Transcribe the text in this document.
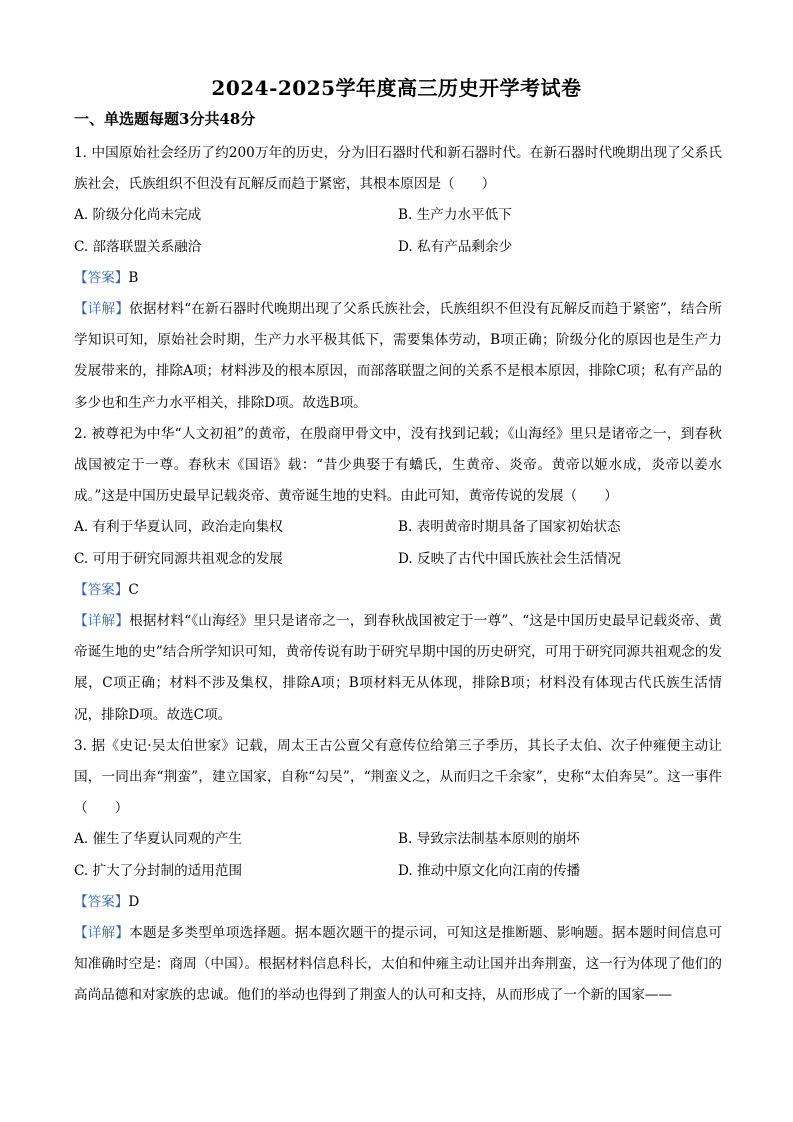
2024-2025学年度高三历史开学考试卷
一、单选题每题3分共48分

1. 中国原始社会经历了约200万年的历史，分为旧石器时代和新石器时代。在新石器时代晚期出现了父系氏族社会，氏族组织不但没有瓦解反而趋于紧密，其根本原因是（　　）

A. 阶级分化尚未完成	B. 生产力水平低下
C. 部落联盟关系融洽	D. 私有产品剩余少
【答案】B

【详解】依据材料“在新石器时代晚期出现了父系氏族社会，氏族组织不但没有瓦解反而趋于紧密”，结合所学知识可知，原始社会时期，生产力水平极其低下，需要集体劳动，B项正确；阶级分化的原因也是生产力发展带来的，排除A项；材料涉及的根本原因，而部落联盟之间的关系不是根本原因，排除C项；私有产品的多少也和生产力水平相关，排除D项。故选B项。

2. 被尊祀为中华“人文初祖”的黄帝，在殷商甲骨文中，没有找到记载；《山海经》里只是诸帝之一，到春秋战国被定于一尊。春秋末《国语》载：“昔少典娶于有蟜氏，生黄帝、炎帝。黄帝以姬水成，炎帝以姜水成。”这是中国历史最早记载炎帝、黄帝诞生地的史料。由此可知，黄帝传说的发展（　　）

A. 有利于华夏认同，政治走向集权	B. 表明黄帝时期具备了国家初始状态
C. 可用于研究同源共祖观念的发展	D. 反映了古代中国氏族社会生活情况
【答案】C

【详解】根据材料“《山海经》里只是诸帝之一，到春秋战国被定于一尊”、“这是中国历史最早记载炎帝、黄帝诞生地的史”结合所学知识可知，黄帝传说有助于研究早期中国的历史研究，可用于研究同源共祖观念的发展，C项正确；材料不涉及集权，排除A项；B项材料无从体现，排除B项；材料没有体现古代氏族生活情况，排除D项。故选C项。

3. 据《史记·吴太伯世家》记载，周太王古公亶父有意传位给第三子季历，其长子太伯、次子仲雍便主动让国，一同出奔“荆蛮”，建立国家，自称“勾吴”，“荆蛮义之，从而归之千余家”，史称“太伯奔吴”。这一事件（　　）

A. 催生了华夏认同观的产生	B. 导致宗法制基本原则的崩坏
C. 扩大了分封制的适用范围	D. 推动中原文化向江南的传播
【答案】D

【详解】本题是多类型单项选择题。据本题次题干的提示词，可知这是推断题、影响题。据本题时间信息可知准确时空是：商周（中国）。根据材料信息科长，太伯和仲雍主动让国并出奔荆蛮，这一行为体现了他们的高尚品德和对家族的忠诚。他们的举动也得到了荆蛮人的认可和支持，从而形成了一个新的国家——
